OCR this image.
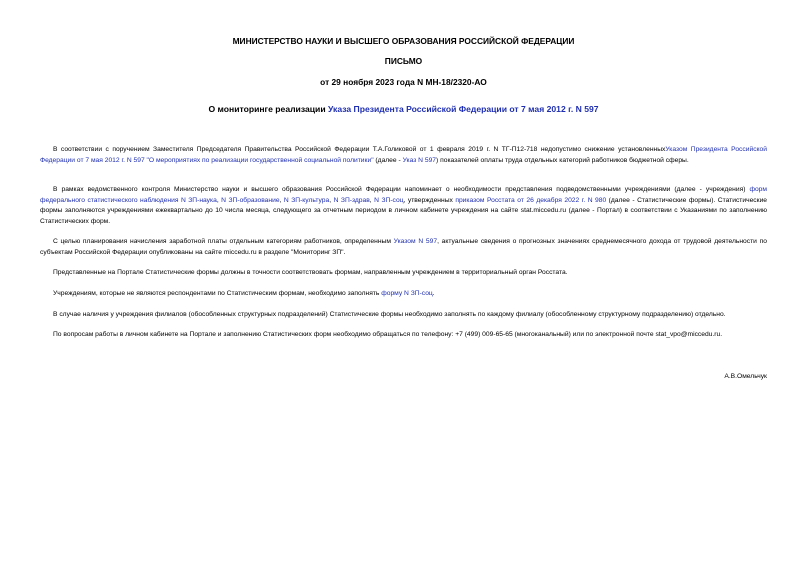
МИНИСТЕРСТВО НАУКИ И ВЫСШЕГО ОБРАЗОВАНИЯ РОССИЙСКОЙ ФЕДЕРАЦИИ
ПИСЬМО
от 29 ноября 2023 года N МН-18/2320-АО
О мониторинге реализации Указа Президента Российской Федерации от 7 мая 2012 г. N 597

В соответствии с поручением Заместителя Председателя Правительства Российской Федерации Т.А.Голиковой от 1 февраля 2019 г. N ТГ-П12-718 недопустимо снижение установленныхУказом Президента Российской Федерации от 7 мая 2012 г. N 597 "О мероприятиях по реализации государственной социальной политики" (далее - Указ N 597) показателей оплаты труда отдельных категорий работников бюджетной сферы.

В рамках ведомственного контроля Министерство науки и высшего образования Российской Федерации напоминает о необходимости представления подведомственными учреждениями (далее - учреждения) форм федерального статистического наблюдения N ЗП-наука, N ЗП-образование, N ЗП-культура, N ЗП-здрав, N ЗП-соц, утвержденных приказом Росстата от 26 декабря 2022 г. N 980 (далее - Статистические формы). Статистические формы заполняются учреждениями ежеквартально до 10 числа месяца, следующего за отчетным периодом в личном кабинете учреждения на сайте stat.miccedu.ru (далее - Портал) в соответствии с Указаниями по заполнению Статистических форм.

С целью планирования начисления заработной платы отдельным категориям работников, определенным Указом N 597, актуальные сведения о прогнозных значениях среднемесячного дохода от трудовой деятельности по субъектам Российской Федерации опубликованы на сайте miccedu.ru в разделе "Мониторинг ЗП".

Представленные на Портале Статистические формы должны в точности соответствовать формам, направленным учреждением в территориальный орган Росстата.

Учреждениям, которые не являются респондентами по Статистическим формам, необходимо заполнять форму N ЗП-соц.

В случае наличия у учреждения филиалов (обособленных структурных подразделений) Статистические формы необходимо заполнять по каждому филиалу (обособленному структурному подразделению) отдельно.

По вопросам работы в личном кабинете на Портале и заполнению Статистических форм необходимо обращаться по телефону: +7 (499) 009-65-65 (многоканальный) или по электронной почте stat_vpo@miccedu.ru.

А.В.Омельчук
